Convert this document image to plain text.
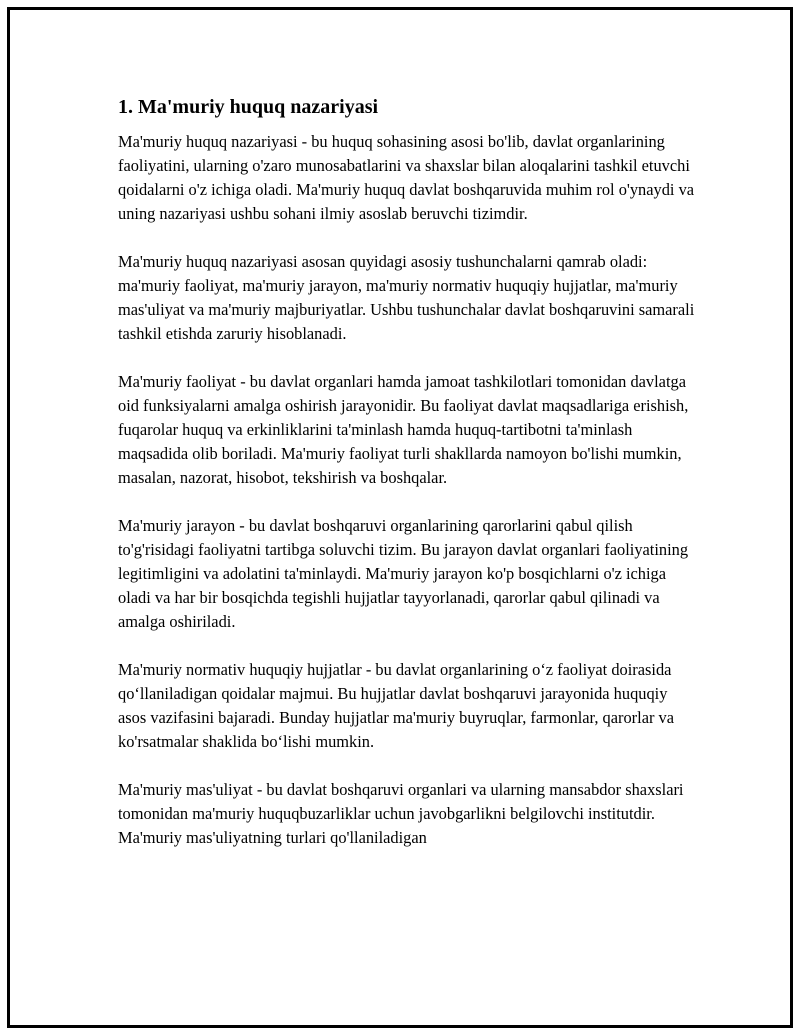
1. Ma'muriy huquq nazariyasi

Ma'muriy huquq nazariyasi - bu huquq sohasining asosi bo'lib, davlat organlarining faoliyatini, ularning o'zaro munosabatlarini va shaxslar bilan aloqalarini tashkil etuvchi qoidalarni o'z ichiga oladi. Ma'muriy huquq davlat boshqaruvida muhim rol o'ynaydi va uning nazariyasi ushbu sohani ilmiy asoslab beruvchi tizimdir.

Ma'muriy huquq nazariyasi asosan quyidagi asosiy tushunchalarni qamrab oladi: ma'muriy faoliyat, ma'muriy jarayon, ma'muriy normativ huquqiy hujjatlar, ma'muriy mas'uliyat va ma'muriy majburiyatlar. Ushbu tushunchalar davlat boshqaruvini samarali tashkil etishda zaruriy hisoblanadi.

Ma'muriy faoliyat - bu davlat organlari hamda jamoat tashkilotlari tomonidan davlatga oid funksiyalarni amalga oshirish jarayonidir. Bu faoliyat davlat maqsadlariga erishish, fuqarolar huquq va erkinliklarini ta'minlash hamda huquq-tartibotni ta'minlash maqsadida olib boriladi. Ma'muriy faoliyat turli shakllarda namoyon bo'lishi mumkin, masalan, nazorat, hisobot, tekshirish va boshqalar.

Ma'muriy jarayon - bu davlat boshqaruvi organlarining qarorlarini qabul qilish to'g'risidagi faoliyatni tartibga soluvchi tizim. Bu jarayon davlat organlari faoliyatining legitimligini va adolatini ta'minlaydi. Ma'muriy jarayon ko'p bosqichlarni o'z ichiga oladi va har bir bosqichda tegishli hujjatlar tayyorlanadi, qarorlar qabul qilinadi va amalga oshiriladi.

Ma'muriy normativ huquqiy hujjatlar - bu davlat organlarining o‘z faoliyat doirasida qo‘llaniladigan qoidalar majmui. Bu hujjatlar davlat boshqaruvi jarayonida huquqiy asos vazifasini bajaradi. Bunday hujjatlar ma'muriy buyruqlar, farmonlar, qarorlar va ko'rsatmalar shaklida bo‘lishi mumkin.

Ma'muriy mas'uliyat - bu davlat boshqaruvi organlari va ularning mansabdor shaxslari tomonidan ma'muriy huquqbuzarliklar uchun javobgarlikni belgilovchi institutdir. Ma'muriy mas'uliyatning turlari qo'llaniladigan
